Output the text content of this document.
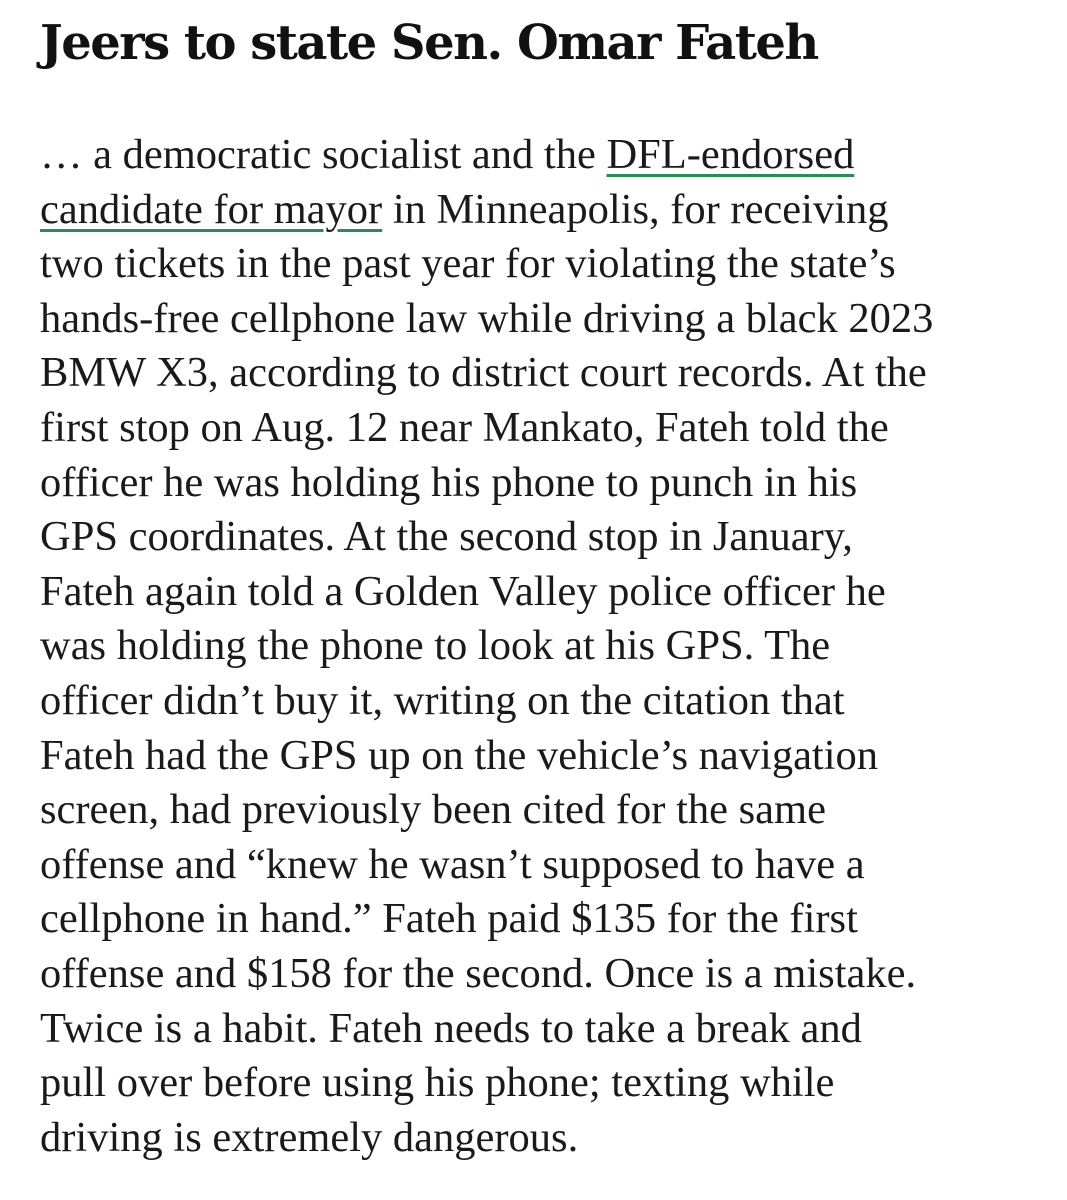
Jeers to state Sen. Omar Fateh
… a democratic socialist and the DFL-endorsed
candidate for mayor in Minneapolis, for receiving
two tickets in the past year for violating the state’s
hands-free cellphone law while driving a black 2023
BMW X3, according to district court records. At the
first stop on Aug. 12 near Mankato, Fateh told the
officer he was holding his phone to punch in his
GPS coordinates. At the second stop in January,
Fateh again told a Golden Valley police officer he
was holding the phone to look at his GPS. The
officer didn’t buy it, writing on the citation that
Fateh had the GPS up on the vehicle’s navigation
screen, had previously been cited for the same
offense and “knew he wasn’t supposed to have a
cellphone in hand.” Fateh paid $135 for the first
offense and $158 for the second. Once is a mistake.
Twice is a habit. Fateh needs to take a break and
pull over before using his phone; texting while
driving is extremely dangerous.
